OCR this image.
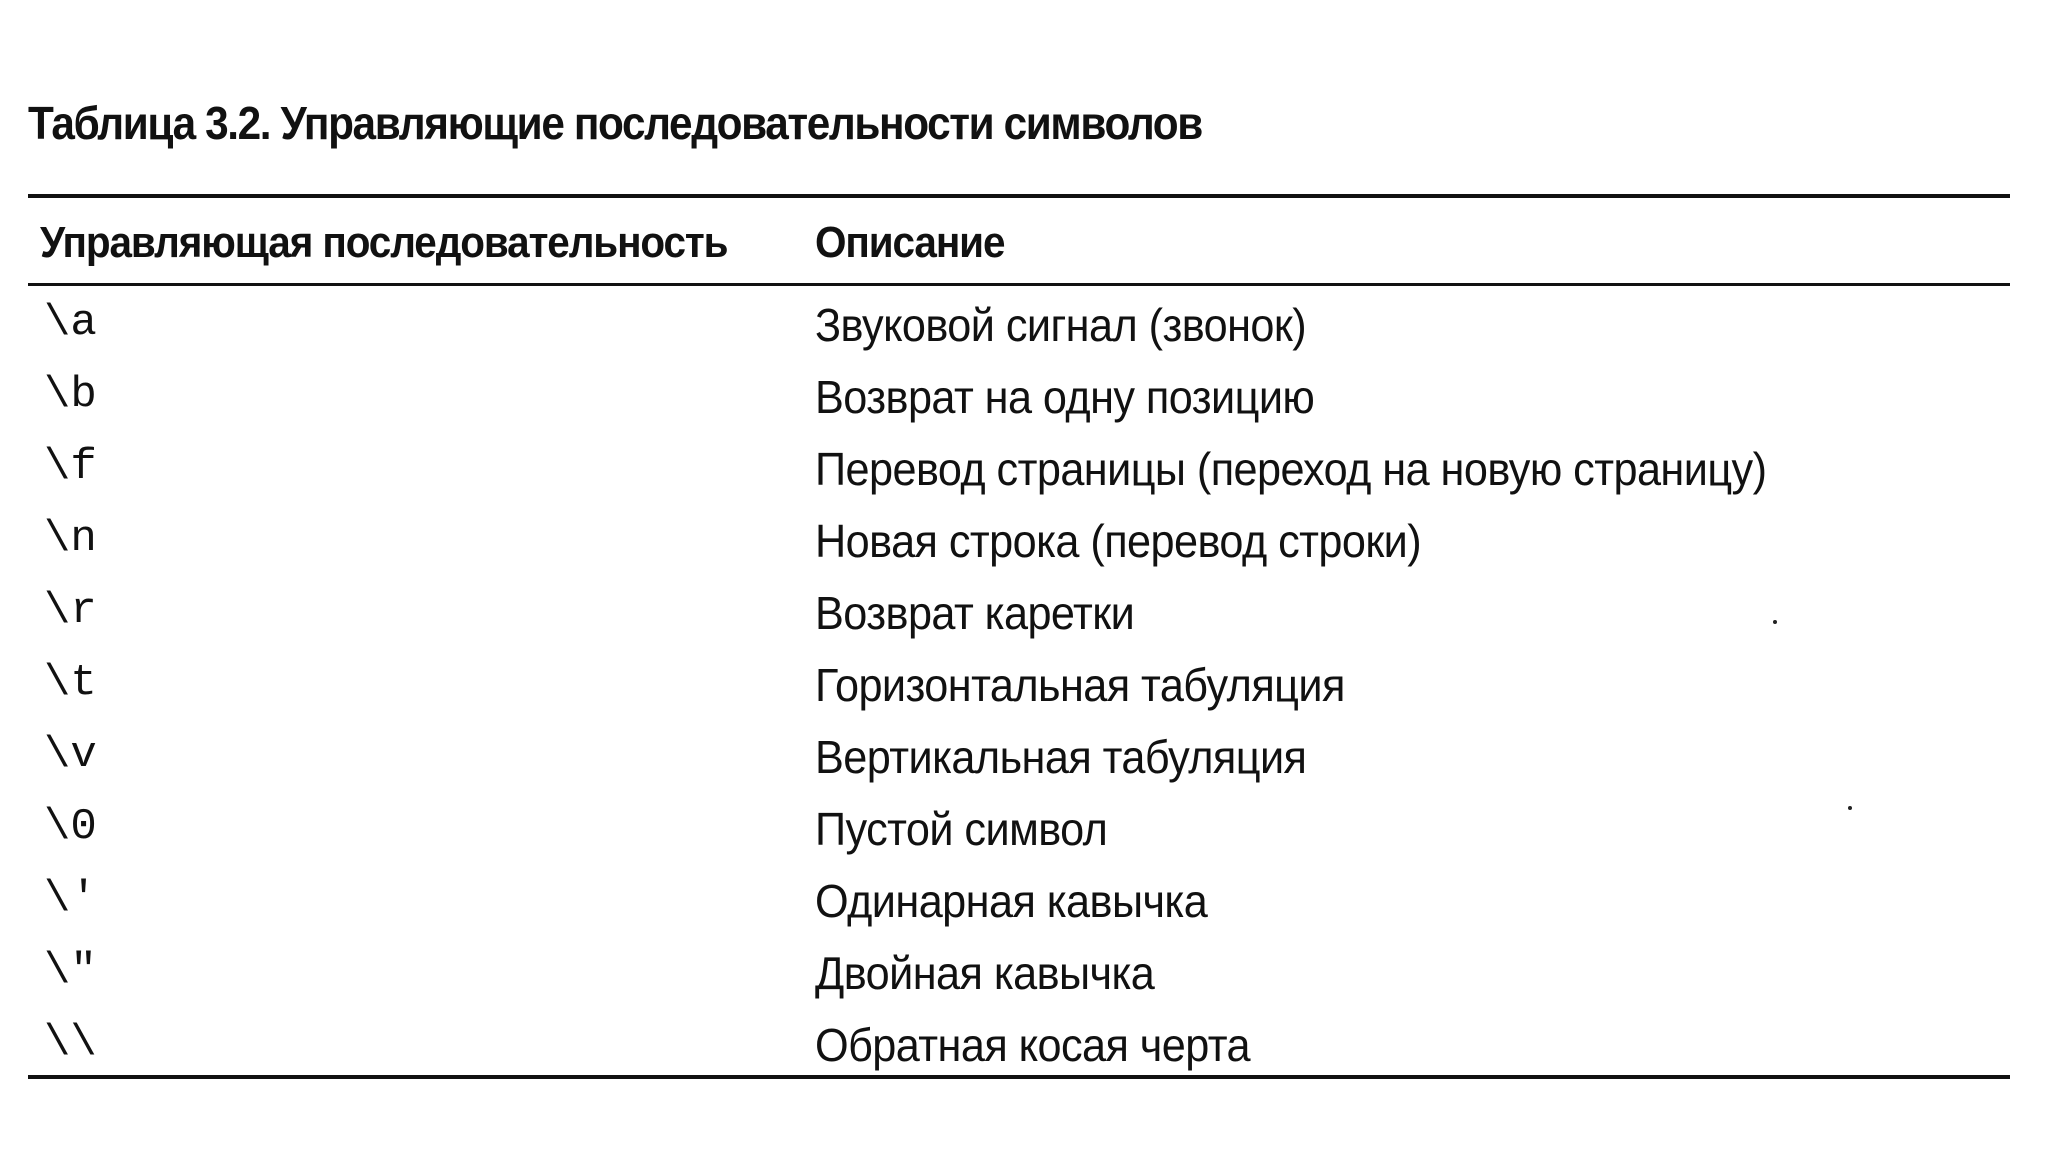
Таблица 3.2. Управляющие последовательности символов
Управляющая последовательность Описание
\a	Звуковой сигнал (звонок)
\b	Возврат на одну позицию
\f	Перевод страницы (переход на новую страницу)
\n	Новая строка (перевод строки)
\r	Возврат каретки
\t	Горизонтальная табуляция
\v	Вертикальная табуляция
\0	Пустой символ
\'	Одинарная кавычка
\"	Двойная кавычка
\\	Обратная косая черта
